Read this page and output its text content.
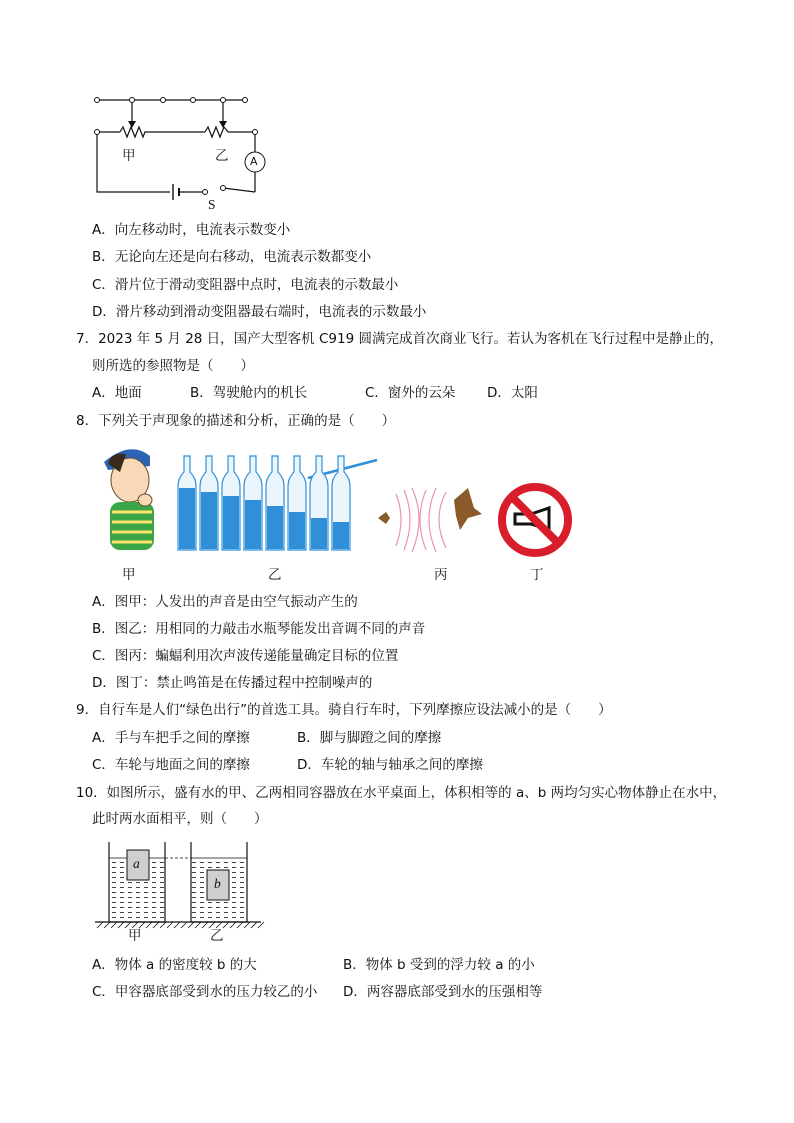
甲	乙 A
S
A．向左移动时，电流表示数变小
B．无论向左还是向右移动，电流表示数都变小
C．滑片位于滑动变阻器中点时，电流表的示数最小
D．滑片移动到滑动变阻器最右端时，电流表的示数最小
7．2023 年 5 月 28 日，国产大型客机 C919 圆满完成首次商业飞行。若认为客机在飞行过程中是静止的，
则所选的参照物是（　　）
A．地面	B．驾驶舱内的机长	C．窗外的云朵 D．太阳
8．下列关于声现象的描述和分析，正确的是（　　）
甲	乙	丙	丁
A．图甲：人发出的声音是由空气振动产生的
B．图乙：用相同的力敲击水瓶琴能发出音调不同的声音
C．图丙：蝙蝠利用次声波传递能量确定目标的位置
D．图丁：禁止鸣笛是在传播过程中控制噪声的
9．自行车是人们“绿色出行”的首选工具。骑自行车时，下列摩擦应设法减小的是（　　）
A．手与车把手之间的摩擦	B．脚与脚蹬之间的摩擦
C．车轮与地面之间的摩擦	D．车轮的轴与轴承之间的摩擦
10．如图所示，盛有水的甲、乙两相同容器放在水平桌面上，体积相等的 a、b 两均匀实心物体静止在水中，
此时两水面相平，则（　　）
a
b
甲	乙
A．物体 a 的密度较 b 的大	B．物体 b 受到的浮力较 a 的小
C．甲容器底部受到水的压力较乙的小 D．两容器底部受到水的压强相等
